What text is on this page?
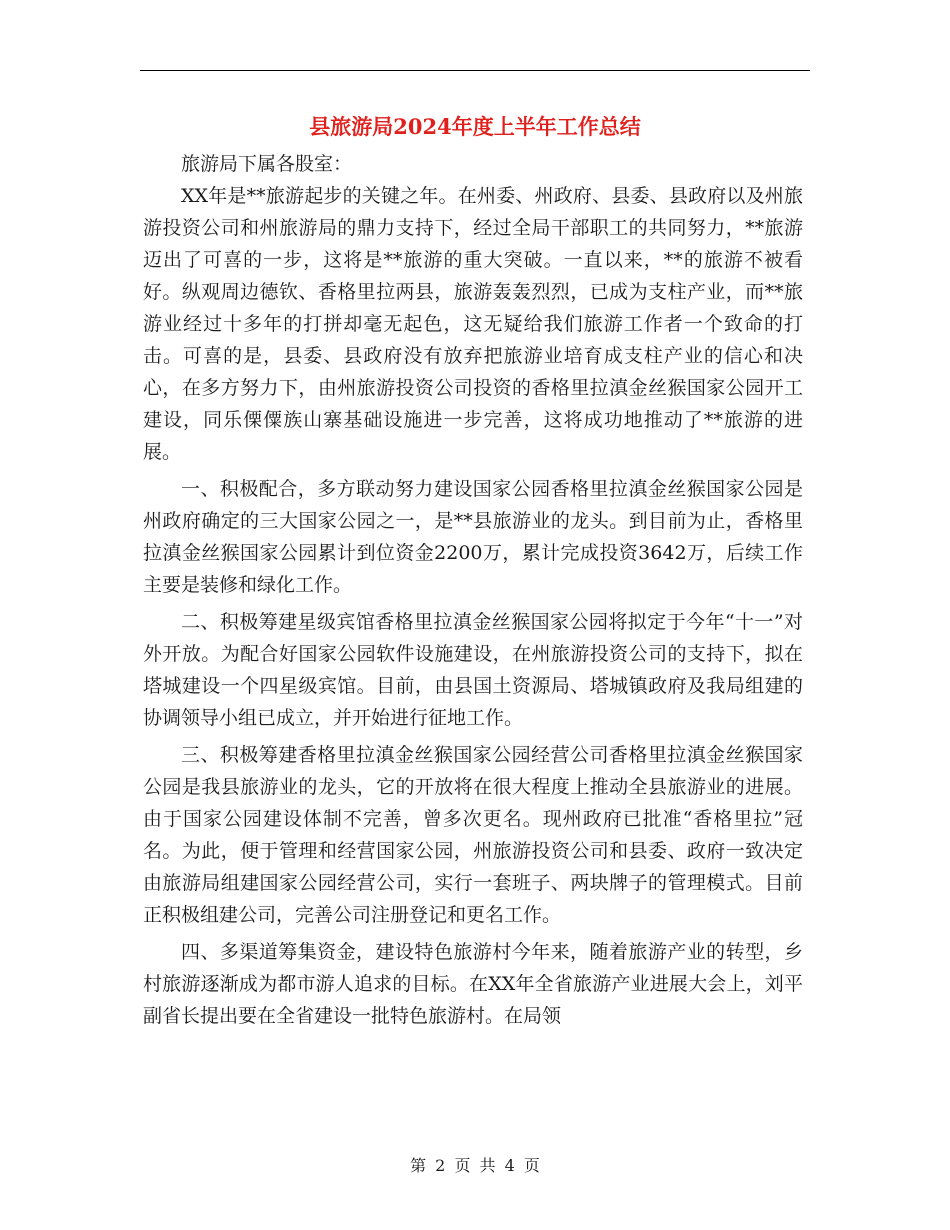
县旅游局2024年度上半年工作总结

旅游局下属各股室：

XX年是**旅游起步的关键之年。在州委、州政府、县委、县政府以及州旅游投资公司和州旅游局的鼎力支持下，经过全局干部职工的共同努力，**旅游迈出了可喜的一步，这将是**旅游的重大突破。一直以来，**的旅游不被看好。纵观周边德钦、香格里拉两县，旅游轰轰烈烈，已成为支柱产业，而**旅游业经过十多年的打拼却毫无起色，这无疑给我们旅游工作者一个致命的打击。可喜的是，县委、县政府没有放弃把旅游业培育成支柱产业的信心和决心，在多方努力下，由州旅游投资公司投资的香格里拉滇金丝猴国家公园开工建设，同乐傈僳族山寨基础设施进一步完善，这将成功地推动了**旅游的进展。

一、积极配合，多方联动努力建设国家公园香格里拉滇金丝猴国家公园是州政府确定的三大国家公园之一，是**县旅游业的龙头。到目前为止，香格里拉滇金丝猴国家公园累计到位资金2200万，累计完成投资3642万，后续工作主要是装修和绿化工作。

二、积极筹建星级宾馆香格里拉滇金丝猴国家公园将拟定于今年“十一”对外开放。为配合好国家公园软件设施建设，在州旅游投资公司的支持下，拟在塔城建设一个四星级宾馆。目前，由县国土资源局、塔城镇政府及我局组建的协调领导小组已成立，并开始进行征地工作。

三、积极筹建香格里拉滇金丝猴国家公园经营公司香格里拉滇金丝猴国家公园是我县旅游业的龙头，它的开放将在很大程度上推动全县旅游业的进展。由于国家公园建设体制不完善，曾多次更名。现州政府已批准“香格里拉”冠名。为此，便于管理和经营国家公园，州旅游投资公司和县委、政府一致决定由旅游局组建国家公园经营公司，实行一套班子、两块牌子的管理模式。目前正积极组建公司，完善公司注册登记和更名工作。

四、多渠道筹集资金，建设特色旅游村今年来，随着旅游产业的转型，乡村旅游逐渐成为都市游人追求的目标。在XX年全省旅游产业进展大会上，刘平副省长提出要在全省建设一批特色旅游村。在局领

第 2 页 共 4 页
